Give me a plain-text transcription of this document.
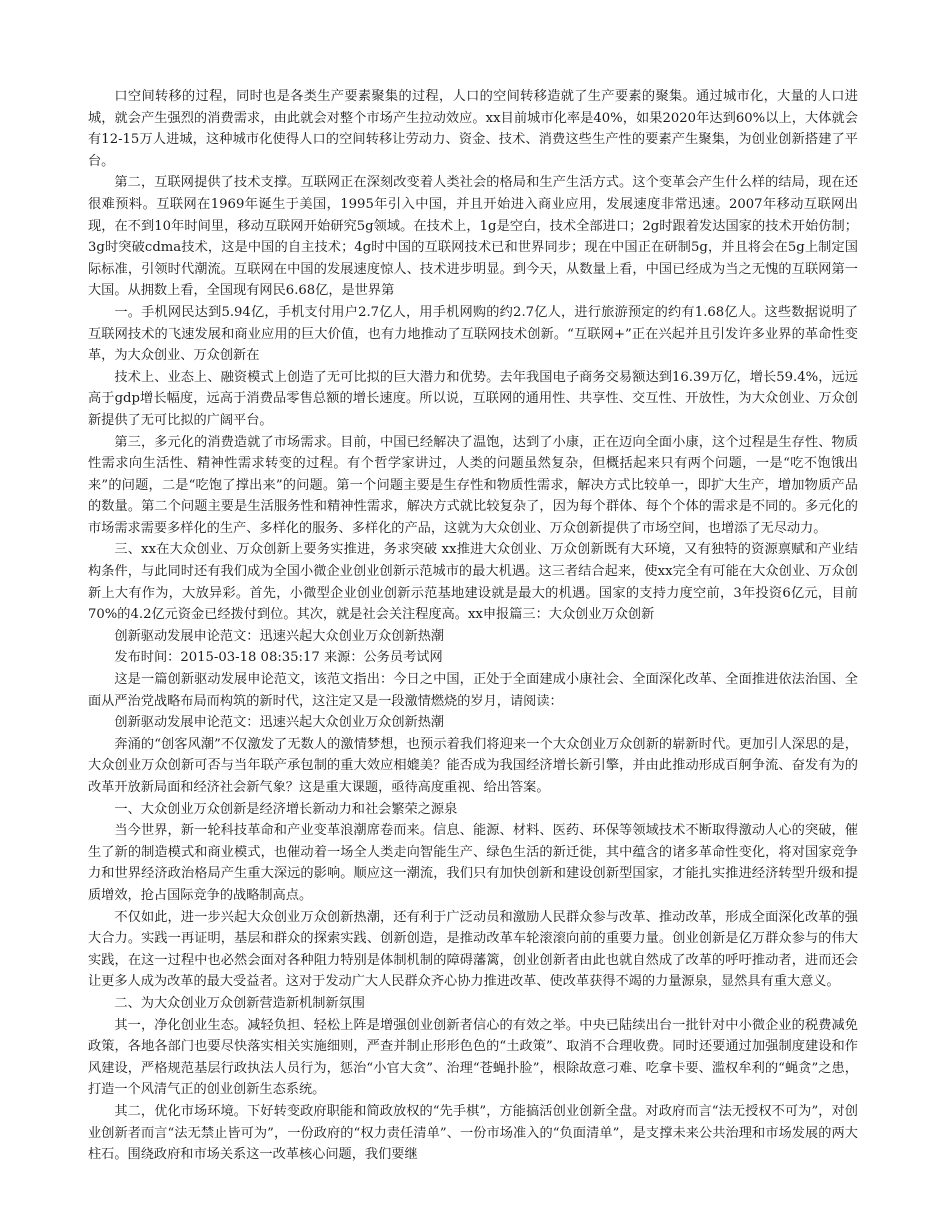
口空间转移的过程，同时也是各类生产要素聚集的过程，人口的空间转移造就了生产要素的聚集。通过城市化，大量的人口进城，就会产生强烈的消费需求，由此就会对整个市场产生拉动效应。xx目前城市化率是40%，如果2020年达到60%以上，大体就会有12-15万人进城，这种城市化使得人口的空间转移让劳动力、资金、技术、消费这些生产性的要素产生聚集，为创业创新搭建了平台。

第二，互联网提供了技术支撑。互联网正在深刻改变着人类社会的格局和生产生活方式。这个变革会产生什么样的结局，现在还很难预料。互联网在1969年诞生于美国，1995年引入中国，并且开始进入商业应用，发展速度非常迅速。2007年移动互联网出现，在不到10年时间里，移动互联网开始研究5g领域。在技术上，1g是空白，技术全部进口；2g时跟着发达国家的技术开始仿制；3g时突破cdma技术，这是中国的自主技术；4g时中国的互联网技术已和世界同步；现在中国正在研制5g，并且将会在5g上制定国际标准，引领时代潮流。互联网在中国的发展速度惊人、技术进步明显。到今天，从数量上看，中国已经成为当之无愧的互联网第一大国。从拥数上看，全国现有网民6.68亿，是世界第

一。手机网民达到5.94亿，手机支付用户2.7亿人，用手机网购的约2.7亿人，进行旅游预定的约有1.68亿人。这些数据说明了互联网技术的飞速发展和商业应用的巨大价值，也有力地推动了互联网技术创新。“互联网+”正在兴起并且引发许多业界的革命性变革，为大众创业、万众创新在

技术上、业态上、融资模式上创造了无可比拟的巨大潜力和优势。去年我国电子商务交易额达到16.39万亿，增长59.4%，远远高于gdp增长幅度，远高于消费品零售总额的增长速度。所以说，互联网的通用性、共享性、交互性、开放性，为大众创业、万众创新提供了无可比拟的广阔平台。

第三，多元化的消费造就了市场需求。目前，中国已经解决了温饱，达到了小康，正在迈向全面小康，这个过程是生存性、物质性需求向生活性、精神性需求转变的过程。有个哲学家讲过，人类的问题虽然复杂，但概括起来只有两个问题，一是“吃不饱饿出来”的问题，二是“吃饱了撑出来”的问题。第一个问题主要是生存性和物质性需求，解决方式比较单一，即扩大生产，增加物质产品的数量。第二个问题主要是生活服务性和精神性需求，解决方式就比较复杂了，因为每个群体、每个个体的需求是不同的。多元化的市场需求需要多样化的生产、多样化的服务、多样化的产品，这就为大众创业、万众创新提供了市场空间，也增添了无尽动力。

三、xx在大众创业、万众创新上要务实推进，务求突破 xx推进大众创业、万众创新既有大环境，又有独特的资源禀赋和产业结构条件，与此同时还有我们成为全国小微企业创业创新示范城市的最大机遇。这三者结合起来，使xx完全有可能在大众创业、万众创新上大有作为，大放异彩。首先，小微型企业创业创新示范基地建设就是最大的机遇。国家的支持力度空前，3年投资6亿元，目前70%的4.2亿元资金已经拨付到位。其次，就是社会关注程度高。xx申报篇三：大众创业万众创新

创新驱动发展申论范文：迅速兴起大众创业万众创新热潮

发布时间：2015-03-18 08:35:17 来源：公务员考试网

这是一篇创新驱动发展申论范文，该范文指出：今日之中国，正处于全面建成小康社会、全面深化改革、全面推进依法治国、全面从严治党战略布局而构筑的新时代，这注定又是一段激情燃烧的岁月，请阅读：

创新驱动发展申论范文：迅速兴起大众创业万众创新热潮

奔涌的“创客风潮”不仅激发了无数人的激情梦想，也预示着我们将迎来一个大众创业万众创新的崭新时代。更加引人深思的是，大众创业万众创新可否与当年联产承包制的重大效应相媲美？能否成为我国经济增长新引擎，并由此推动形成百舸争流、奋发有为的改革开放新局面和经济社会新气象？这是重大课题，亟待高度重视、给出答案。

一、大众创业万众创新是经济增长新动力和社会繁荣之源泉

当今世界，新一轮科技革命和产业变革浪潮席卷而来。信息、能源、材料、医药、环保等领域技术不断取得激动人心的突破，催生了新的制造模式和商业模式，也催动着一场全人类走向智能生产、绿色生活的新迁徙，其中蕴含的诸多革命性变化，将对国家竞争力和世界经济政治格局产生重大深远的影响。顺应这一潮流，我们只有加快创新和建设创新型国家，才能扎实推进经济转型升级和提质增效，抢占国际竞争的战略制高点。

不仅如此，进一步兴起大众创业万众创新热潮，还有利于广泛动员和激励人民群众参与改革、推动改革，形成全面深化改革的强大合力。实践一再证明，基层和群众的探索实践、创新创造，是推动改革车轮滚滚向前的重要力量。创业创新是亿万群众参与的伟大实践，在这一过程中也必然会面对各种阻力特别是体制机制的障碍藩篱，创业创新者由此也就自然成了改革的呼吁推动者，进而还会让更多人成为改革的最大受益者。这对于发动广大人民群众齐心协力推进改革、使改革获得不竭的力量源泉，显然具有重大意义。

二、为大众创业万众创新营造新机制新氛围

其一，净化创业生态。减轻负担、轻松上阵是增强创业创新者信心的有效之举。中央已陆续出台一批针对中小微企业的税费减免政策，各地各部门也要尽快落实相关实施细则，严查并制止形形色色的“土政策”、取消不合理收费。同时还要通过加强制度建设和作风建设，严格规范基层行政执法人员行为，惩治“小官大贪”、治理“苍蝇扑脸”，根除故意刁难、吃拿卡要、滥权牟利的“蝇贪”之患，打造一个风清气正的创业创新生态系统。

其二，优化市场环境。下好转变政府职能和简政放权的“先手棋”，方能搞活创业创新全盘。对政府而言“法无授权不可为”，对创业创新者而言“法无禁止皆可为”，一份政府的“权力责任清单”、一份市场准入的“负面清单”，是支撑未来公共治理和市场发展的两大柱石。围绕政府和市场关系这一改革核心问题，我们要继
